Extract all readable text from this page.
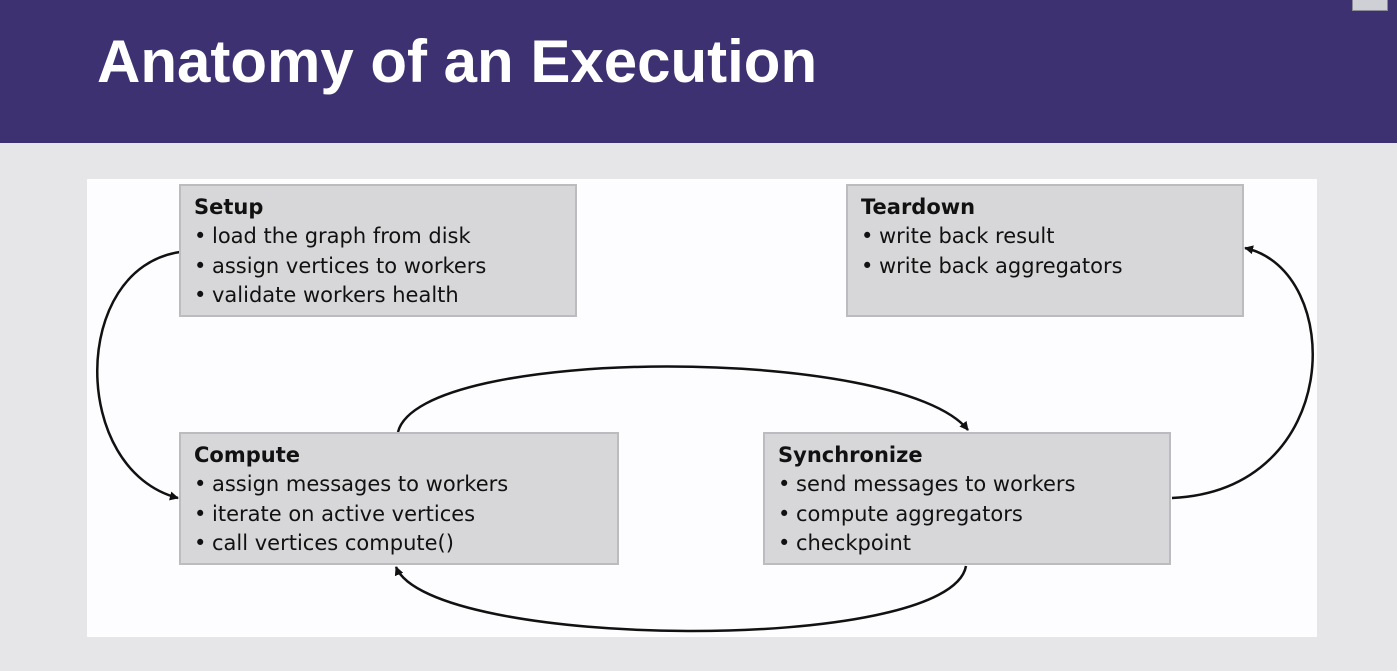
Anatomy of an Execution
Setup
• load the graph from disk
• assign vertices to workers
• validate workers health
Teardown
• write back result
• write back aggregators
Compute
• assign messages to workers
• iterate on active vertices
• call vertices compute()
Synchronize
• send messages to workers
• compute aggregators
• checkpoint
